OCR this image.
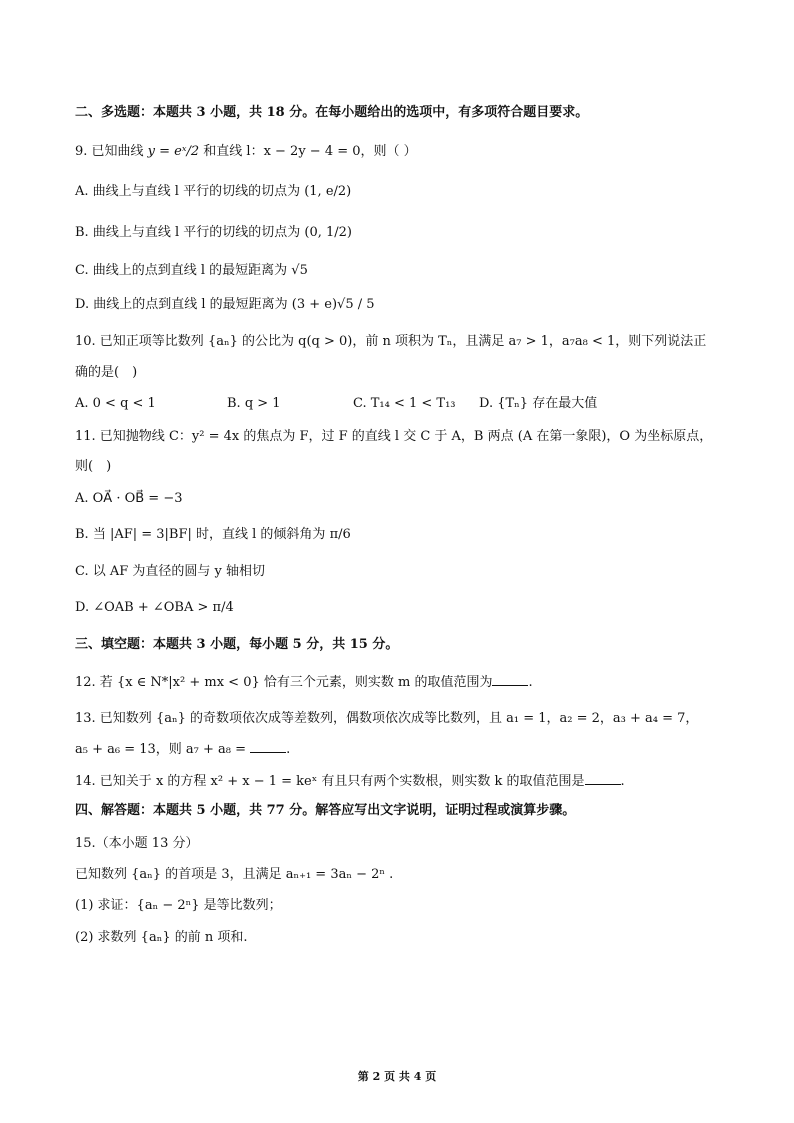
二、多选题：本题共 3 小题，共 18 分。在每小题给出的选项中，有多项符合题目要求。
9. 已知曲线 y = eˣ/2 和直线 l：x − 2y − 4 = 0，则（ ）
A. 曲线上与直线 l 平行的切线的切点为 (1, e/2)
B. 曲线上与直线 l 平行的切线的切点为 (0, 1/2)
C. 曲线上的点到直线 l 的最短距离为 √5
D. 曲线上的点到直线 l 的最短距离为 (3 + e)√5 / 5
10. 已知正项等比数列 {aₙ} 的公比为 q(q > 0)，前 n 项积为 Tₙ，且满足 a₇ > 1，a₇a₈ < 1，则下列说法正
确的是(　)
A. 0 < q < 1	B. q > 1	C. T₁₄ < 1 < T₁₃ D. {Tₙ} 存在最大值
11. 已知抛物线 C：y² = 4x 的焦点为 F，过 F 的直线 l 交 C 于 A，B 两点 (A 在第一象限)，O 为坐标原点，
则(　)
A. OA⃗ · OB⃗ = −3
B. 当 |AF| = 3|BF| 时，直线 l 的倾斜角为 π/6
C. 以 AF 为直径的圆与 y 轴相切
D. ∠OAB + ∠OBA > π/4
三、填空题：本题共 3 小题，每小题 5 分，共 15 分。
12. 若 {x ∈ N*|x² + mx < 0} 恰有三个元素，则实数 m 的取值范围为	.
13. 已知数列 {aₙ} 的奇数项依次成等差数列，偶数项依次成等比数列，且 a₁ = 1，a₂ = 2，a₃ + a₄ = 7，
a₅ + a₆ = 13，则 a₇ + a₈ =	.
14. 已知关于 x 的方程 x² + x − 1 = keˣ 有且只有两个实数根，则实数 k 的取值范围是	.
四、解答题：本题共 5 小题，共 77 分。解答应写出文字说明，证明过程或演算步骤。
15.（本小题 13 分）
已知数列 {aₙ} 的首项是 3，且满足 aₙ₊₁ = 3aₙ − 2ⁿ .
(1) 求证：{aₙ − 2ⁿ} 是等比数列；
(2) 求数列 {aₙ} 的前 n 项和.
第 2 页 共 4 页
